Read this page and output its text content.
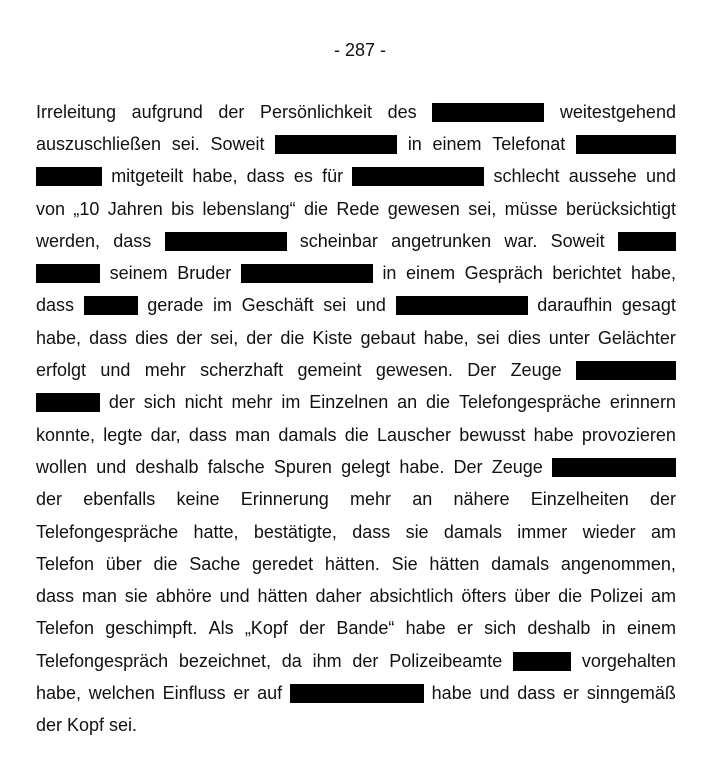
- 287 -
Irreleitung aufgrund der Persönlichkeit des	weitestgehend
auszuschließen sei. Soweit	in einem Telefonat
mitgeteilt habe, dass es für	schlecht aussehe und
von „10 Jahren bis lebenslang“ die Rede gewesen sei, müsse berücksichtigt
werden, dass	scheinbar angetrunken war. Soweit
seinem Bruder	in einem Gespräch berichtet habe,
dass	gerade im Geschäft sei und	daraufhin gesagt
habe, dass dies der sei, der die Kiste gebaut habe, sei dies unter Gelächter
erfolgt und mehr scherzhaft gemeint gewesen. Der Zeuge
der sich nicht mehr im Einzelnen an die Telefongespräche erinnern
konnte, legte dar, dass man damals die Lauscher bewusst habe provozieren
wollen und deshalb falsche Spuren gelegt habe. Der Zeuge
der ebenfalls keine Erinnerung mehr an nähere Einzelheiten der
Telefongespräche hatte, bestätigte, dass sie damals immer wieder am
Telefon über die Sache geredet hätten. Sie hätten damals angenommen,
dass man sie abhöre und hätten daher absichtlich öfters über die Polizei am
Telefon geschimpft. Als „Kopf der Bande“ habe er sich deshalb in einem
Telefongespräch bezeichnet, da ihm der Polizeibeamte	vorgehalten
habe, welchen Einfluss er auf	habe und dass er sinngemäß
der Kopf sei.
